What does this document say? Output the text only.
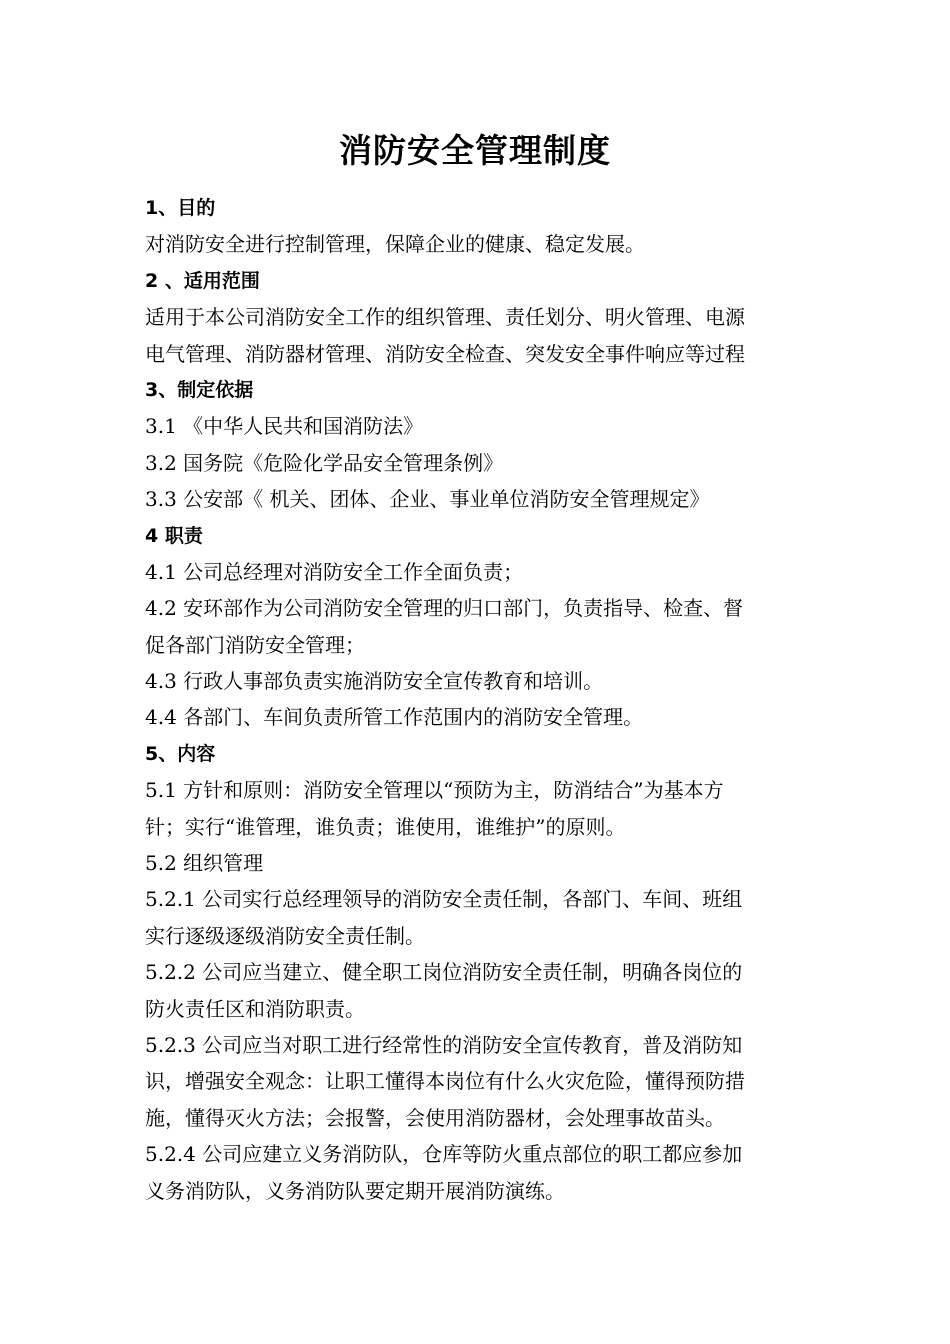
消防安全管理制度

1、目的

对消防安全进行控制管理，保障企业的健康、稳定发展。

2 、适用范围

适用于本公司消防安全工作的组织管理、责任划分、明火管理、电源

电气管理、消防器材管理、消防安全检查、突发安全事件响应等过程

3、制定依据

3.1 《中华人民共和国消防法》

3.2 国务院《危险化学品安全管理条例》

3.3 公安部《 机关、团体、企业、事业单位消防安全管理规定》

4 职责

4.1 公司总经理对消防安全工作全面负责；

4.2 安环部作为公司消防安全管理的归口部门，负责指导、检查、督

促各部门消防安全管理；

4.3 行政人事部负责实施消防安全宣传教育和培训。

4.4 各部门、车间负责所管工作范围内的消防安全管理。

5、内容

5.1 方针和原则：消防安全管理以“预防为主，防消结合”为基本方

针；实行“谁管理，谁负责；谁使用，谁维护”的原则。

5.2 组织管理

5.2.1 公司实行总经理领导的消防安全责任制，各部门、车间、班组

实行逐级逐级消防安全责任制。

5.2.2 公司应当建立、健全职工岗位消防安全责任制，明确各岗位的

防火责任区和消防职责。

5.2.3 公司应当对职工进行经常性的消防安全宣传教育，普及消防知

识，增强安全观念：让职工懂得本岗位有什么火灾危险，懂得预防措

施，懂得灭火方法；会报警，会使用消防器材，会处理事故苗头。

5.2.4 公司应建立义务消防队，仓库等防火重点部位的职工都应参加

义务消防队，义务消防队要定期开展消防演练。
